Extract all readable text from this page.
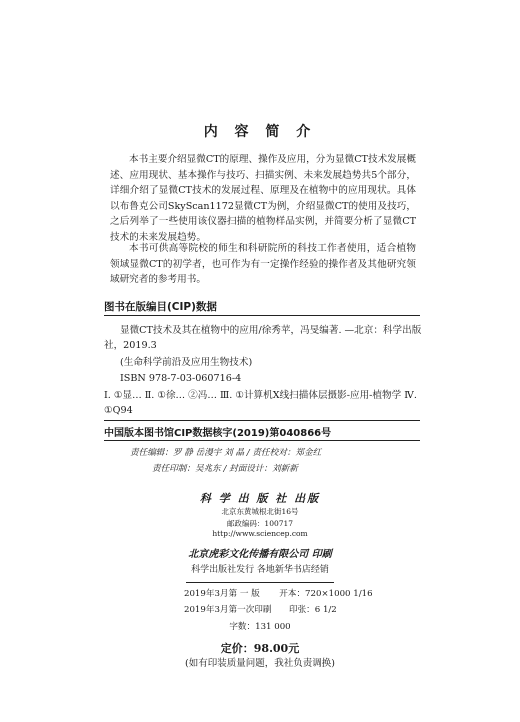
内 容 简 介
本书主要介绍显微CT的原理、操作及应用，分为显微CT技术发展概述、应用现状、基本操作与技巧、扫描实例、未来发展趋势共5个部分，详细介绍了显微CT技术的发展过程、原理及在植物中的应用现状。具体以布鲁克公司SkyScan1172显微CT为例，介绍显微CT的使用及技巧，之后列举了一些使用该仪器扫描的植物样品实例，并简要分析了显微CT技术的未来发展趋势。
本书可供高等院校的师生和科研院所的科技工作者使用，适合植物领域显微CT的初学者，也可作为有一定操作经验的操作者及其他研究领域研究者的参考用书。
图书在版编目(CIP)数据
显微CT技术及其在植物中的应用/徐秀苹，冯旻编著. —北京：科学出版社，2019.3
(生命科学前沿及应用生物技术)
ISBN 978-7-03-060716-4
Ⅰ. ①显… Ⅱ. ①徐… ②冯… Ⅲ. ①计算机X线扫描体层摄影-应用-植物学 Ⅳ. ①Q94
中国版本图书馆CIP数据核字(2019)第040866号
责任编辑：罗 静 岳漫宇 刘 晶 / 责任校对：郑金红
责任印制：吴兆东 / 封面设计：刘新新
科 学 出 版 社 出版
北京东黄城根北街16号
邮政编码：100717
http://www.sciencep.com
北京虎彩文化传播有限公司 印刷
科学出版社发行 各地新华书店经销
2019年3月第 一 版 开本：720×1000 1/16
2019年3月第一次印刷 印张：6 1/2
字数：131 000
定价：98.00元
(如有印装质量问题，我社负责调换)
